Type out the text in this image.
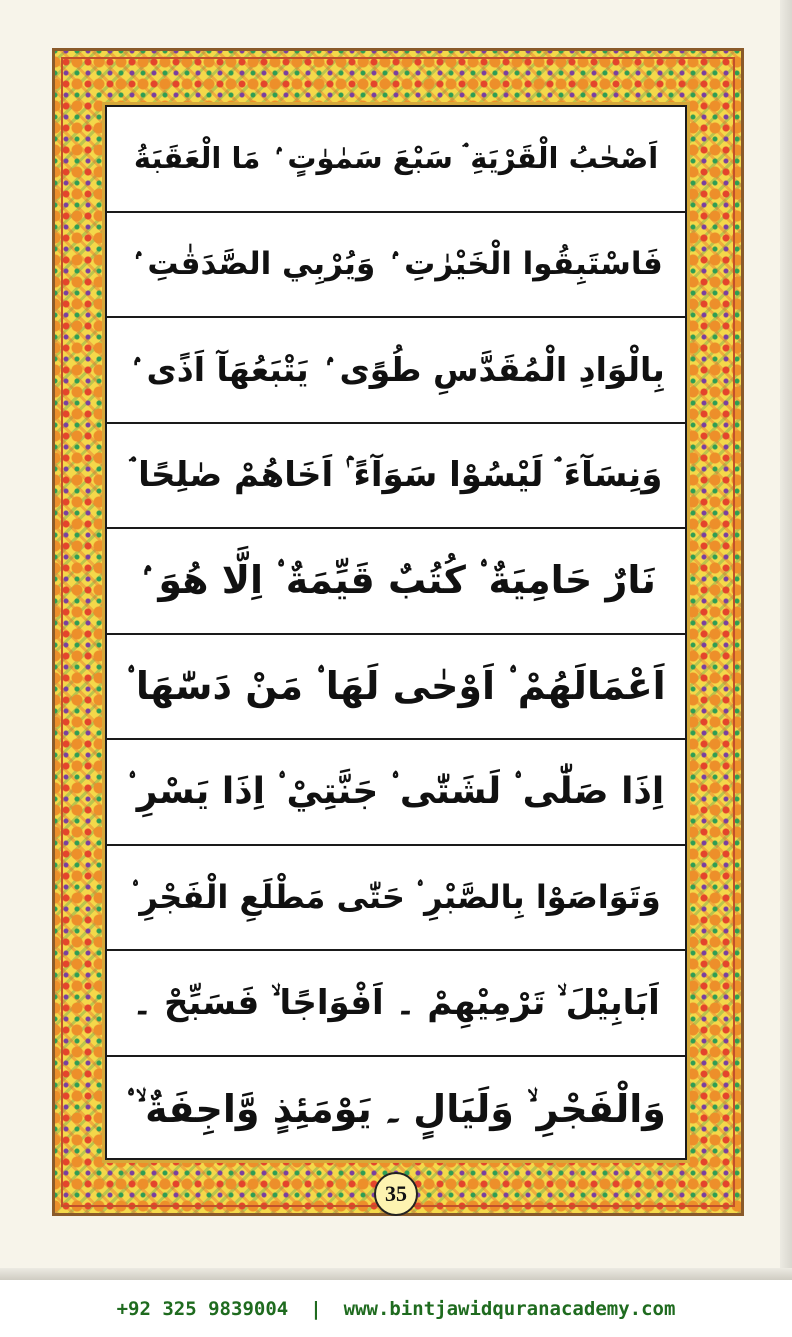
اَصْحٰبُ الْقَرْيَةِ ۘ سَبْعَ سَمٰوٰتٍ ۢ مَا الْعَقَبَةُ
فَاسْتَبِقُوا الْخَيْرٰتِ ۢ وَيُرْبِي الصَّدَقٰتِ ۢ
بِالْوَادِ الْمُقَدَّسِ طُوًى ۢ يَتْبَعُهَآ اَذًى ۢ
وَنِسَآءَ ۘ لَيْسُوْا سَوَآءً ۢ اَخَاهُمْ صٰلِحًا ۘ
نَارٌ حَامِيَةٌ ۟ كُتُبٌ قَيِّمَةٌ ۟ اِلَّا هُوَ ۢ
اَعْمَالَهُمْ ۟ اَوْحٰى لَهَا ۟ مَنْ دَسّٰهَا ۟
اِذَا صَلّٰى ۟ لَشَتّٰى ۟ جَنَّتِيْ ۟ اِذَا يَسْرِ ۟
وَتَوَاصَوْا بِالصَّبْرِ ۟ حَتّٰى مَطْلَعِ الْفَجْرِ ۟
اَبَابِيْلَ ۙ تَرْمِيْهِمْ ۔ اَفْوَاجًا ۙ فَسَبِّحْ ۔
وَالْفَجْرِ ۙ وَلَيَالٍ ۔ يَوْمَئِذٍ وَّاجِفَةٌ ۙ ۟
35
+92 325 9839004 | www.bintjawidquranacademy.com
